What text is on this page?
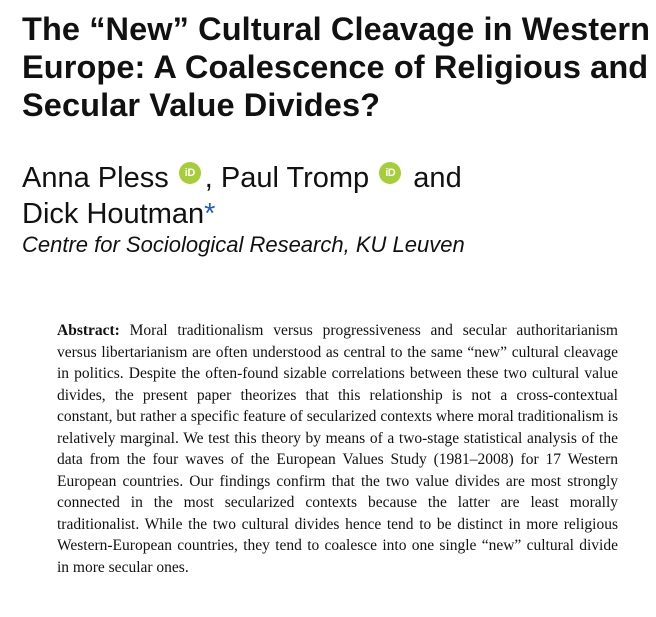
The “New” Cultural Cleavage in Western Europe: A Coalescence of Religious and Secular Value Divides?

Anna Pless	iD , Paul Tromp	iD and
Dick Houtman*

Centre for Sociological Research, KU Leuven

Abstract: Moral traditionalism versus progressiveness and secular authoritarianism versus libertarianism are often understood as central to the same “new” cultural cleavage in politics. Despite the often-found sizable correlations between these two cultural value divides, the present paper theorizes that this relationship is not a cross-contextual constant, but rather a specific feature of secularized contexts where moral traditionalism is relatively marginal. We test this theory by means of a two-stage statistical analysis of the data from the four waves of the European Values Study (1981–2008) for 17 Western European countries. Our findings confirm that the two value divides are most strongly connected in the most secularized contexts because the latter are least morally traditionalist. While the two cultural divides hence tend to be distinct in more religious Western-European countries, they tend to coalesce into one single “new” cultural divide in more secular ones.
